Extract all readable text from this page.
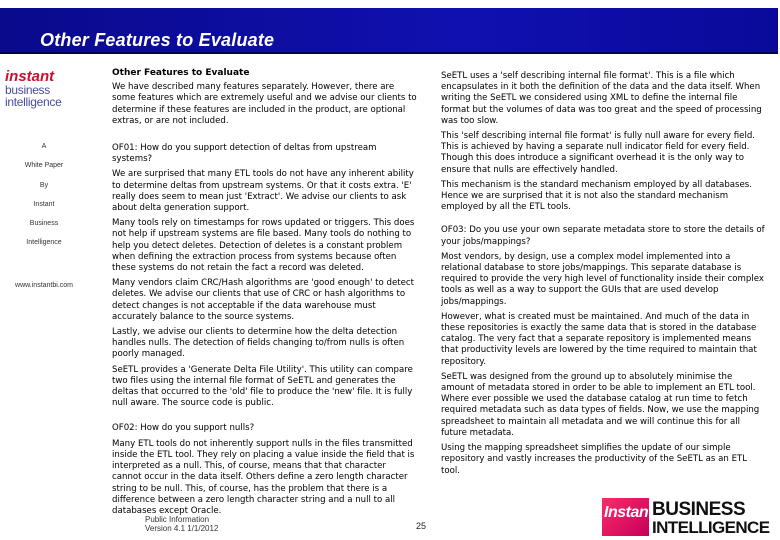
Other Features to Evaluate
instant
business
intelligence
A
White Paper
By
Instant
Business
Intelligence
www.instantbi.com

Other Features to Evaluate

We have described many features separately. However, there are some features which are extremely useful and we advise our clients to determine if these features are included in the product, are optional extras, or are not included.

OF01: How do you support detection of deltas from upstream systems?

We are surprised that many ETL tools do not have any inherent ability to determine deltas from upstream systems. Or that it costs extra. 'E' really does seem to mean just 'Extract'. We advise our clients to ask about delta generation support.

Many tools rely on timestamps for rows updated or triggers. This does not help if upstream systems are file based. Many tools do nothing to help you detect deletes. Detection of deletes is a constant problem when defining the extraction process from systems because often these systems do not retain the fact a record was deleted.

Many vendors claim CRC/Hash algorithms are 'good enough' to detect deletes. We advise our clients that use of CRC or hash algorithms to detect changes is not acceptable if the data warehouse must accurately balance to the source systems.

Lastly, we advise our clients to determine how the delta detection handles nulls. The detection of fields changing to/from nulls is often poorly managed.

SeETL provides a 'Generate Delta File Utility'. This utility can compare two files using the internal file format of SeETL and generates the deltas that occurred to the 'old' file to produce the 'new' file. It is fully null aware. The source code is public.

OF02: How do you support nulls?

Many ETL tools do not inherently support nulls in the files transmitted inside the ETL tool. They rely on placing a value inside the field that is interpreted as a null. This, of course, means that that character cannot occur in the data itself. Others define a zero length character string to be null. This, of course, has the problem that there is a difference between a zero length character string and a null to all databases except Oracle.

SeETL uses a 'self describing internal file format'. This is a file which encapsulates in it both the definition of the data and the data itself. When writing the SeETL we considered using XML to define the internal file format but the volumes of data was too great and the speed of processing was too slow.

This 'self describing internal file format' is fully null aware for every field. This is achieved by having a separate null indicator field for every field. Though this does introduce a significant overhead it is the only way to ensure that nulls are effectively handled.

This mechanism is the standard mechanism employed by all databases. Hence we are surprised that it is not also the standard mechanism employed by all the ETL tools.

OF03: Do you use your own separate metadata store to store the details of your jobs/mappings?

Most vendors, by design, use a complex model implemented into a relational database to store jobs/mappings. This separate database is required to provide the very high level of functionality inside their complex tools as well as a way to support the GUIs that are used develop jobs/mappings.

However, what is created must be maintained. And much of the data in these repositories is exactly the same data that is stored in the database catalog. The very fact that a separate repository is implemented means that productivity levels are lowered by the time required to maintain that repository.

SeETL was designed from the ground up to absolutely minimise the amount of metadata stored in order to be able to implement an ETL tool. Where ever possible we used the database catalog at run time to fetch required metadata such as data types of fields. Now, we use the mapping spreadsheet to maintain all metadata and we will continue this for all future metadata.

Using the mapping spreadsheet simplifies the update of our simple repository and vastly increases the productivity of the SeETL as an ETL tool.

Public Information
Version 4.1 1/1/2012	25
Instant BUSINESS
INTELLIGENCE
